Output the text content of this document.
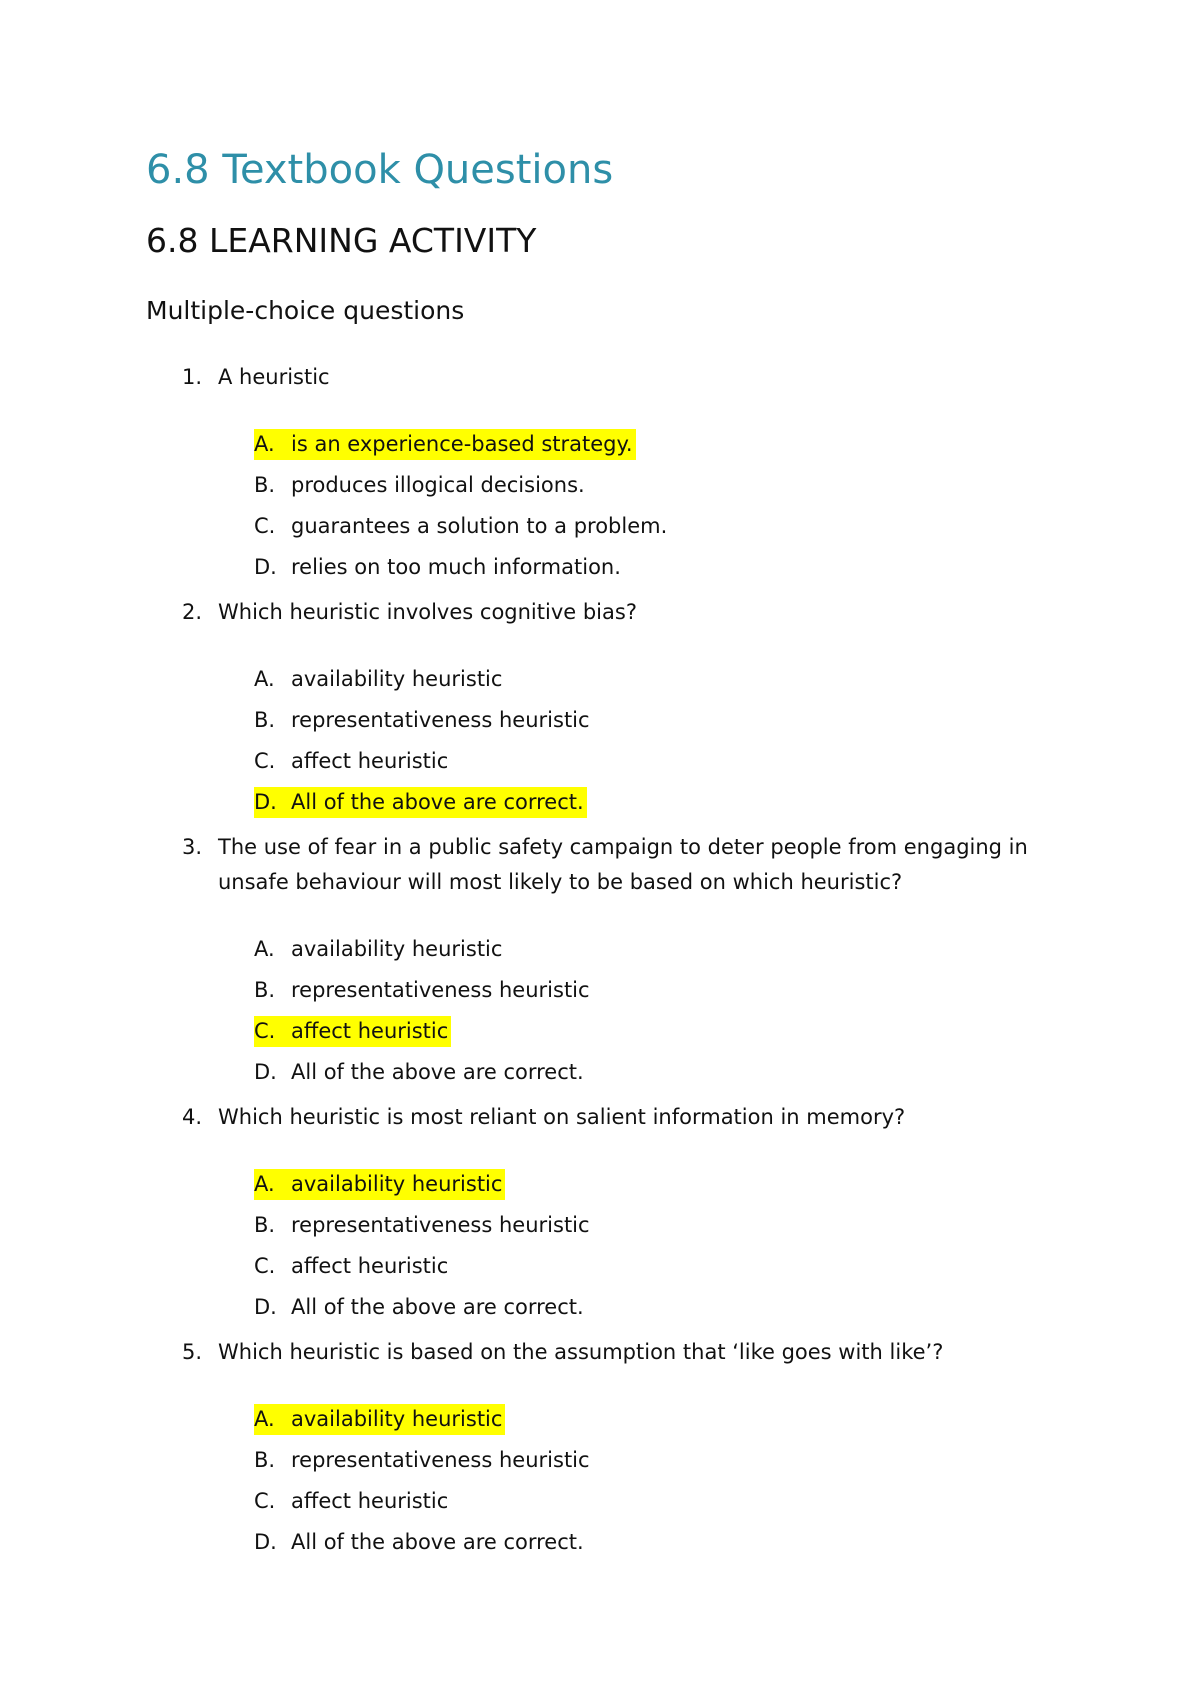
6.8 Textbook Questions
6.8 LEARNING ACTIVITY
Multiple-choice questions
1. A heuristic
A. is an experience-based strategy.
B. produces illogical decisions.
C. guarantees a solution to a problem.
D. relies on too much information.
2. Which heuristic involves cognitive bias?
A. availability heuristic
B. representativeness heuristic
C. affect heuristic
D. All of the above are correct.
3. The use of fear in a public safety campaign to deter people from engaging in unsafe behaviour will most likely to be based on which heuristic?
A. availability heuristic
B. representativeness heuristic
C. affect heuristic
D. All of the above are correct.
4. Which heuristic is most reliant on salient information in memory?
A. availability heuristic
B. representativeness heuristic
C. affect heuristic
D. All of the above are correct.
5. Which heuristic is based on the assumption that ‘like goes with like’?
A. availability heuristic
B. representativeness heuristic
C. affect heuristic
D. All of the above are correct.
